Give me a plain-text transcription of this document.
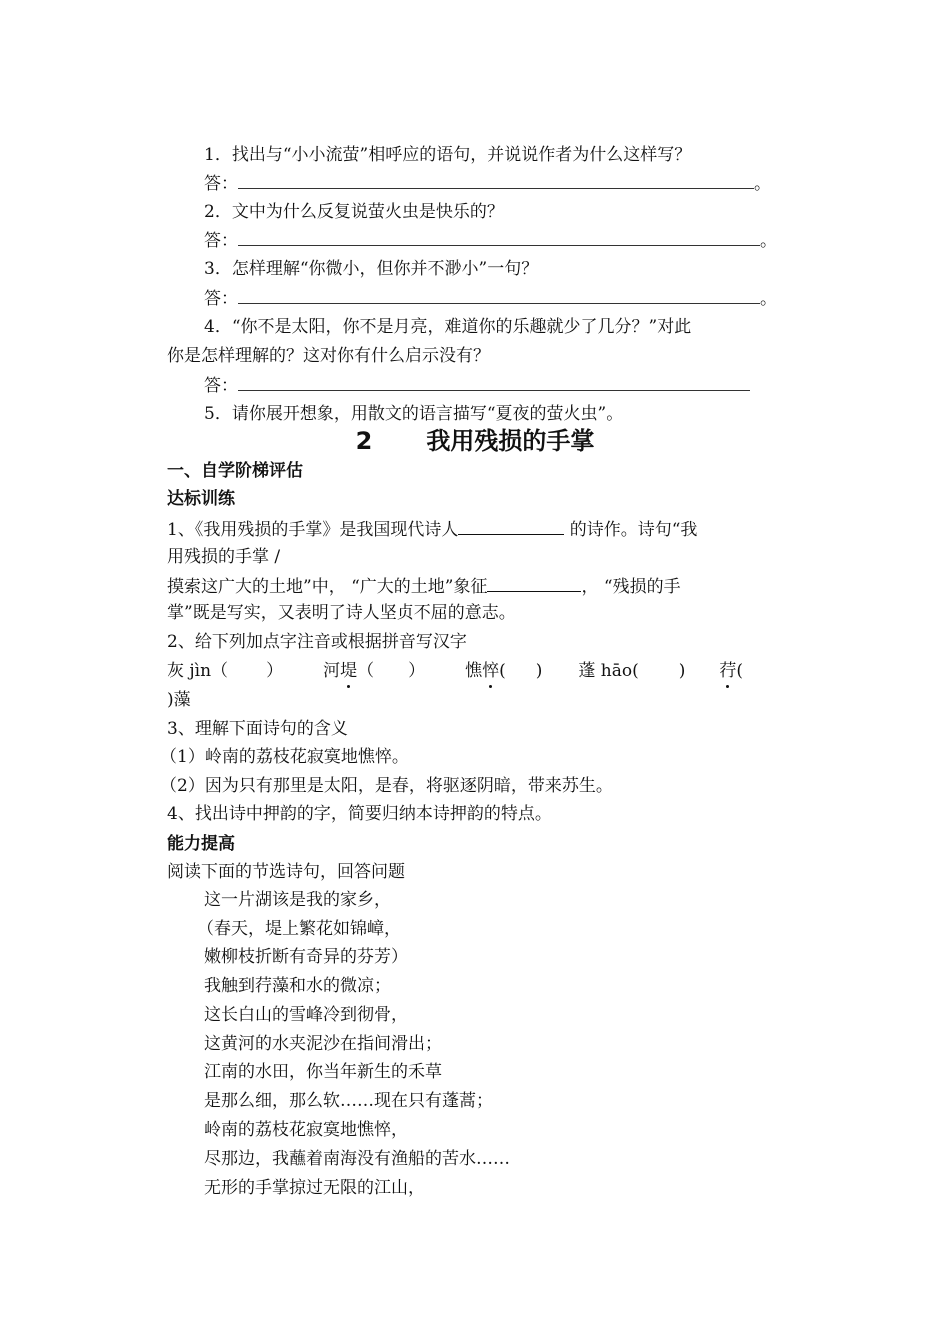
1．找出与“小小流萤”相呼应的语句，并说说作者为什么这样写？
答：	。
2．文中为什么反复说萤火虫是快乐的？
答：	。
3．怎样理解“你微小，但你并不渺小”一句？
答：	。
4．“你不是太阳，你不是月亮，难道你的乐趣就少了几分？”对此
你是怎样理解的？这对你有什么启示没有？
答：
5．请你展开想象，用散文的语言描写“夏夜的萤火虫”。
2 我用残损的手掌
一、自学阶梯评估
达标训练
1、《我用残损的手掌》是我国现代诗人	的诗作。诗句“我
用残损的手掌 /
摸索这广大的土地”中， “广大的土地”象征	， “残损的手
掌”既是写实，又表明了诗人坚贞不屈的意志。
2、给下列加点字注音或根据拼音写汉字
灰 jìn（ ） 河堤（ ） 憔悴( ) 蓬 hāo( ) 荇(
)藻
3、理解下面诗句的含义
（1）岭南的荔枝花寂寞地憔悴。
（2）因为只有那里是太阳，是春，将驱逐阴暗，带来苏生。
4、找出诗中押韵的字，简要归纳本诗押韵的特点。
能力提高
阅读下面的节选诗句，回答问题
这一片湖该是我的家乡，
（春天，堤上繁花如锦嶂，
嫩柳枝折断有奇异的芬芳）
我触到荇藻和水的微凉；
这长白山的雪峰冷到彻骨，
这黄河的水夹泥沙在指间滑出；
江南的水田，你当年新生的禾草
是那么细，那么软……现在只有蓬蒿；
岭南的荔枝花寂寞地憔悴，
尽那边，我蘸着南海没有渔船的苦水……
无形的手掌掠过无限的江山，
